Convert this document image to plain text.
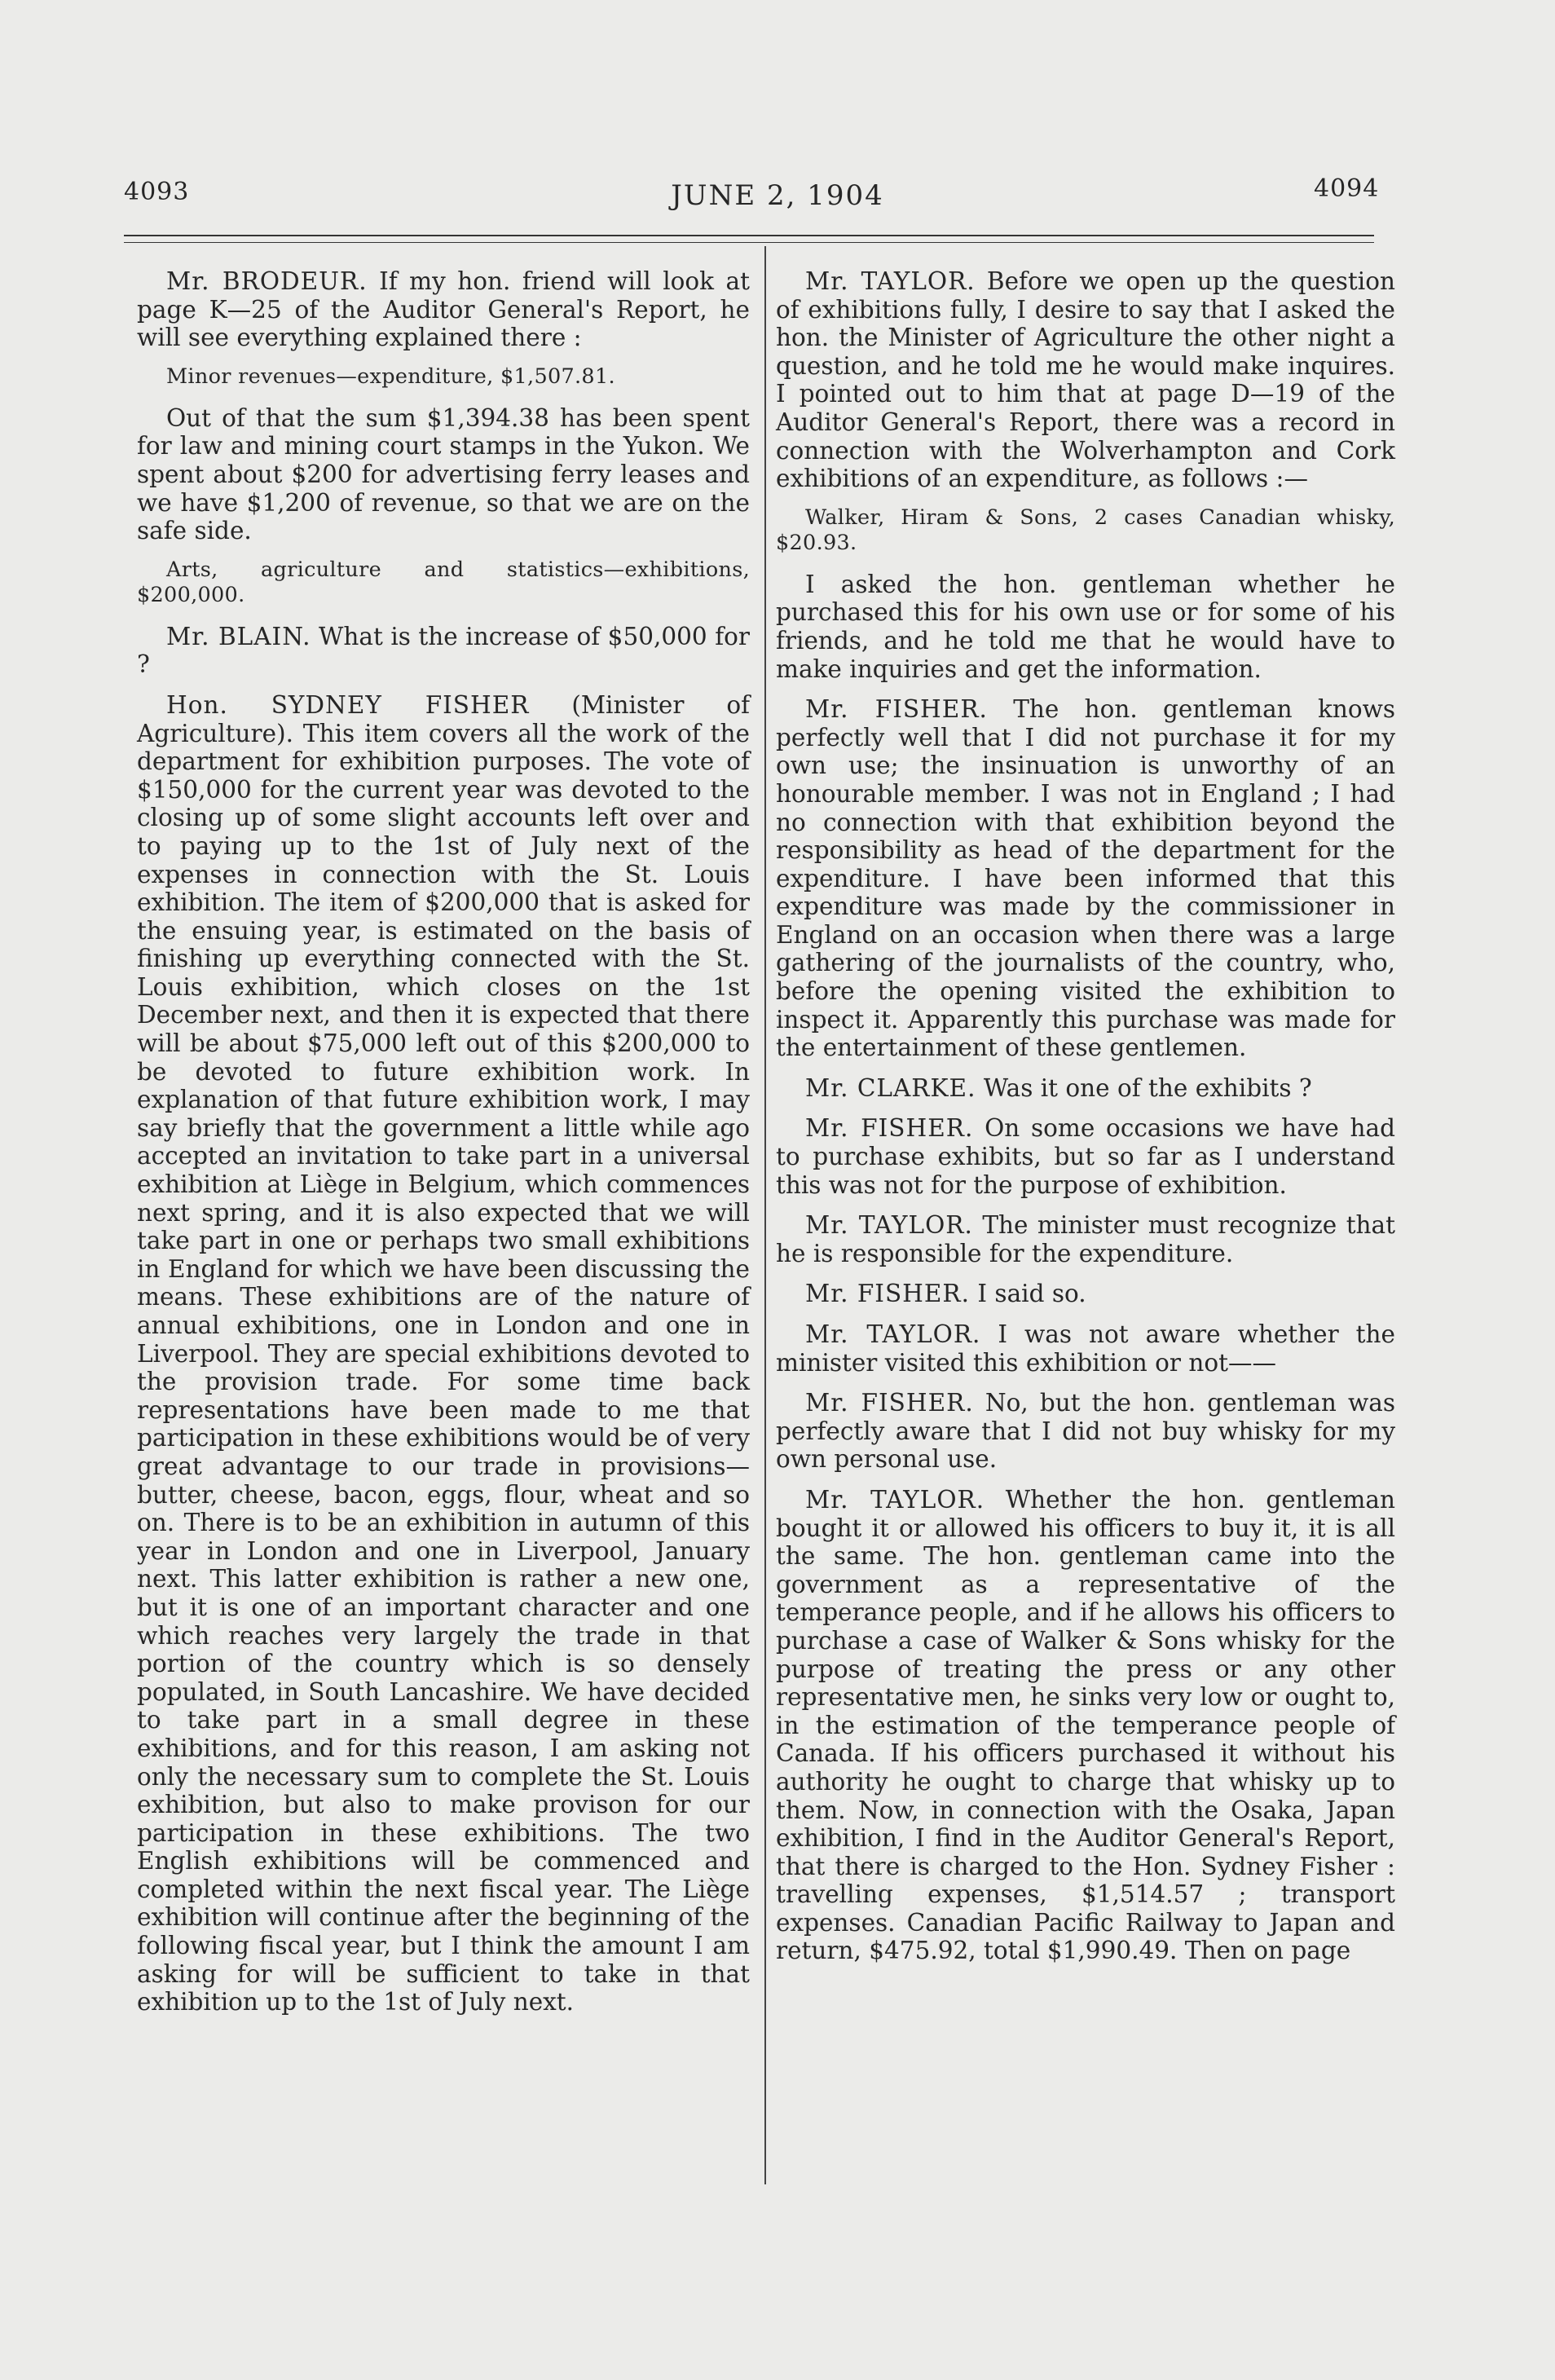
4093	JUNE 2, 1904	4094

Mr. BRODEUR. If my hon. friend will look at page K—25 of the Auditor General's Report, he will see everything explained there :

Minor revenues—expenditure, $1,507.81.

Out of that the sum $1,394.38 has been spent for law and mining court stamps in the Yukon. We spent about $200 for advertising ferry leases and we have $1,200 of revenue, so that we are on the safe side.

Arts, agriculture and statistics—exhibitions, $200,000.

Mr. BLAIN. What is the increase of $50,000 for ?

Hon. SYDNEY FISHER (Minister of Agriculture). This item covers all the work of the department for exhibition purposes. The vote of $150,000 for the current year was devoted to the closing up of some slight accounts left over and to paying up to the 1st of July next of the expenses in connection with the St. Louis exhibition. The item of $200,000 that is asked for the ensuing year, is estimated on the basis of finishing up everything connected with the St. Louis exhibition, which closes on the 1st December next, and then it is expected that there will be about $75,000 left out of this $200,000 to be devoted to future exhibition work. In explanation of that future exhibition work, I may say briefly that the government a little while ago accepted an invitation to take part in a universal exhibition at Liège in Belgium, which commences next spring, and it is also expected that we will take part in one or perhaps two small exhibitions in England for which we have been discussing the means. These exhibitions are of the nature of annual exhibitions, one in London and one in Liverpool. They are special exhibitions devoted to the provision trade. For some time back representations have been made to me that participation in these exhibitions would be of very great advantage to our trade in provisions—butter, cheese, bacon, eggs, flour, wheat and so on. There is to be an exhibition in autumn of this year in London and one in Liverpool, January next. This latter exhibition is rather a new one, but it is one of an important character and one which reaches very largely the trade in that portion of the country which is so densely populated, in South Lancashire. We have decided to take part in a small degree in these exhibitions, and for this reason, I am asking not only the necessary sum to complete the St. Louis exhibition, but also to make provison for our participation in these exhibitions. The two English exhibitions will be commenced and completed within the next fiscal year. The Liège exhibition will continue after the beginning of the following fiscal year, but I think the amount I am asking for will be sufficient to take in that exhibition up to the 1st of July next.

Mr. TAYLOR. Before we open up the question of exhibitions fully, I desire to say that I asked the hon. the Minister of Agriculture the other night a question, and he told me he would make inquires. I pointed out to him that at page D—19 of the Auditor General's Report, there was a record in connection with the Wolverhampton and Cork exhibitions of an expenditure, as follows :—

Walker, Hiram & Sons, 2 cases Canadian whisky, $20.93.

I asked the hon. gentleman whether he purchased this for his own use or for some of his friends, and he told me that he would have to make inquiries and get the information.

Mr. FISHER. The hon. gentleman knows perfectly well that I did not purchase it for my own use; the insinuation is unworthy of an honourable member. I was not in England ; I had no connection with that exhibition beyond the responsibility as head of the department for the expenditure. I have been informed that this expenditure was made by the commissioner in England on an occasion when there was a large gathering of the journalists of the country, who, before the opening visited the exhibition to inspect it. Apparently this purchase was made for the entertainment of these gentlemen.

Mr. CLARKE. Was it one of the exhibits ?

Mr. FISHER. On some occasions we have had to purchase exhibits, but so far as I understand this was not for the purpose of exhibition.

Mr. TAYLOR. The minister must recognize that he is responsible for the expenditure.

Mr. FISHER. I said so.

Mr. TAYLOR. I was not aware whether the minister visited this exhibition or not——

Mr. FISHER. No, but the hon. gentleman was perfectly aware that I did not buy whisky for my own personal use.

Mr. TAYLOR. Whether the hon. gentleman bought it or allowed his officers to buy it, it is all the same. The hon. gentleman came into the government as a representative of the temperance people, and if he allows his officers to purchase a case of Walker & Sons whisky for the purpose of treating the press or any other representative men, he sinks very low or ought to, in the estimation of the temperance people of Canada. If his officers purchased it without his authority he ought to charge that whisky up to them. Now, in connection with the Osaka, Japan exhibition, I find in the Auditor General's Report, that there is charged to the Hon. Sydney Fisher : travelling expenses, $1,514.57 ; transport expenses. Canadian Pacific Railway to Japan and return, $475.92, total $1,990.49. Then on page
